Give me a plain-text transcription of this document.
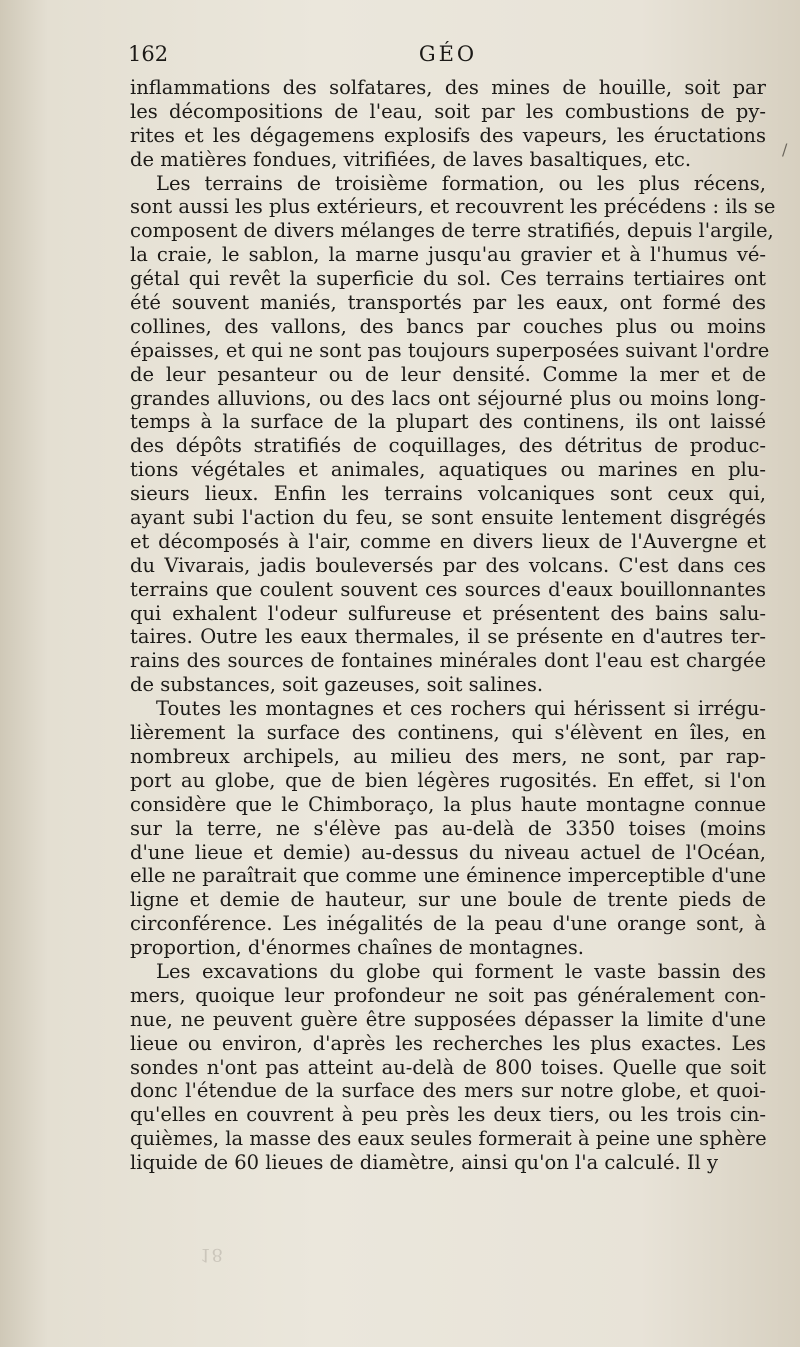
162	GÉO
inflammations des solfatares, des mines de houille, soit par
les décompositions de l'eau, soit par les combustions de py-
rites et les dégagemens explosifs des vapeurs, les éructations
de matières fondues, vitrifiées, de laves basaltiques, etc.
Les terrains de troisième formation, ou les plus récens,
sont aussi les plus extérieurs, et recouvrent les précédens : ils se
composent de divers mélanges de terre stratifiés, depuis l'argile,
la craie, le sablon, la marne jusqu'au gravier et à l'humus vé-
gétal qui revêt la superficie du sol. Ces terrains tertiaires ont
été souvent maniés, transportés par les eaux, ont formé des
collines, des vallons, des bancs par couches plus ou moins
épaisses, et qui ne sont pas toujours superposées suivant l'ordre
de leur pesanteur ou de leur densité. Comme la mer et de
grandes alluvions, ou des lacs ont séjourné plus ou moins long-
temps à la surface de la plupart des continens, ils ont laissé
des dépôts stratifiés de coquillages, des détritus de produc-
tions végétales et animales, aquatiques ou marines en plu-
sieurs lieux. Enfin les terrains volcaniques sont ceux qui,
ayant subi l'action du feu, se sont ensuite lentement disgrégés
et décomposés à l'air, comme en divers lieux de l'Auvergne et
du Vivarais, jadis bouleversés par des volcans. C'est dans ces
terrains que coulent souvent ces sources d'eaux bouillonnantes
qui exhalent l'odeur sulfureuse et présentent des bains salu-
taires. Outre les eaux thermales, il se présente en d'autres ter-
rains des sources de fontaines minérales dont l'eau est chargée
de substances, soit gazeuses, soit salines.
Toutes les montagnes et ces rochers qui hérissent si irrégu-
lièrement la surface des continens, qui s'élèvent en îles, en
nombreux archipels, au milieu des mers, ne sont, par rap-
port au globe, que de bien légères rugosités. En effet, si l'on
considère que le Chimboraço, la plus haute montagne connue
sur la terre, ne s'élève pas au-delà de 3350 toises (moins
d'une lieue et demie) au-dessus du niveau actuel de l'Océan,
elle ne paraîtrait que comme une éminence imperceptible d'une
ligne et demie de hauteur, sur une boule de trente pieds de
circonférence. Les inégalités de la peau d'une orange sont, à
proportion, d'énormes chaînes de montagnes.
Les excavations du globe qui forment le vaste bassin des
mers, quoique leur profondeur ne soit pas généralement con-
nue, ne peuvent guère être supposées dépasser la limite d'une
lieue ou environ, d'après les recherches les plus exactes. Les
sondes n'ont pas atteint au-delà de 800 toises. Quelle que soit
donc l'étendue de la surface des mers sur notre globe, et quoi-
qu'elles en couvrent à peu près les deux tiers, ou les trois cin-
quièmes, la masse des eaux seules formerait à peine une sphère
liquide de 60 lieues de diamètre, ainsi qu'on l'a calculé. Il y
/
18
